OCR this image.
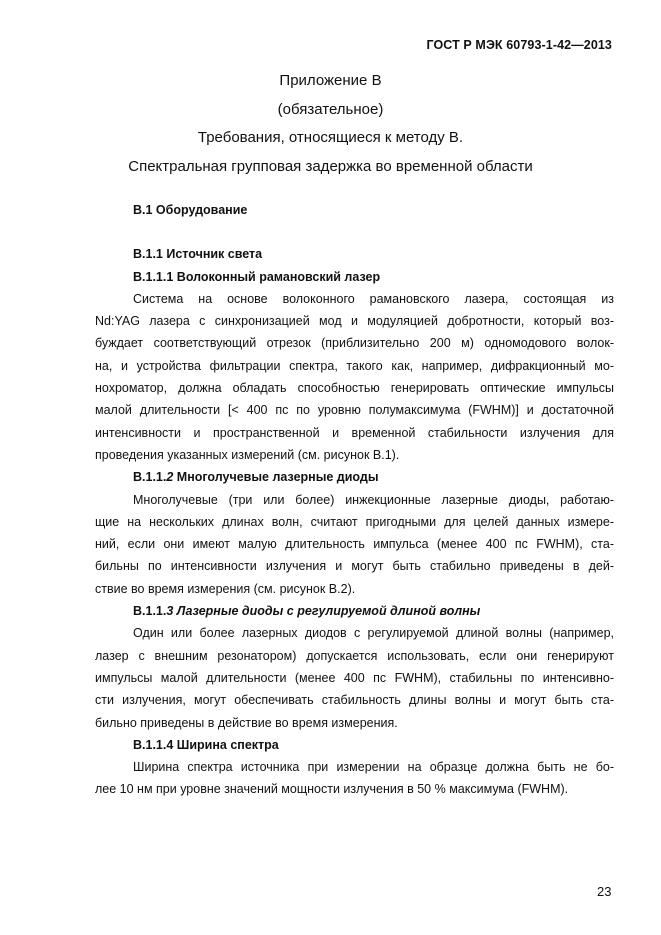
ГОСТ Р МЭК 60793-1-42—2013
Приложение В
(обязательное)
Требования, относящиеся к методу В.
Спектральная групповая задержка во временной области
В.1 Оборудование
В.1.1 Источник света
В.1.1.1 Волоконный рамановский лазер
Система на основе волоконного рамановского лазера, состоящая из
Nd:YAG лазера с синхронизацией мод и модуляцией добротности, который воз-
буждает соответствующий отрезок (приблизительно 200 м) одномодового волок-
на, и устройства фильтрации спектра, такого как, например, дифракционный мо-
нохроматор, должна обладать способностью генерировать оптические импульсы
малой длительности [< 400 пс по уровню полумаксимума (FWHM)] и достаточной
интенсивности и пространственной и временной стабильности излучения для
проведения указанных измерений (см. рисунок В.1).
В.1.1.2 Многолучевые лазерные диоды
Многолучевые (три или более) инжекционные лазерные диоды, работаю-
щие на нескольких длинах волн, считают пригодными для целей данных измере-
ний, если они имеют малую длительность импульса (менее 400 пс FWHM), ста-
бильны по интенсивности излучения и могут быть стабильно приведены в дей-
ствие во время измерения (см. рисунок В.2).
В.1.1.3 Лазерные диоды с регулируемой длиной волны
Один или более лазерных диодов с регулируемой длиной волны (например,
лазер с внешним резонатором) допускается использовать, если они генерируют
импульсы малой длительности (менее 400 пс FWHM), стабильны по интенсивно-
сти излучения, могут обеспечивать стабильность длины волны и могут быть ста-
бильно приведены в действие во время измерения.
В.1.1.4 Ширина спектра
Ширина спектра источника при измерении на образце должна быть не бо-
лее 10 нм при уровне значений мощности излучения в 50 % максимума (FWHM).
23
